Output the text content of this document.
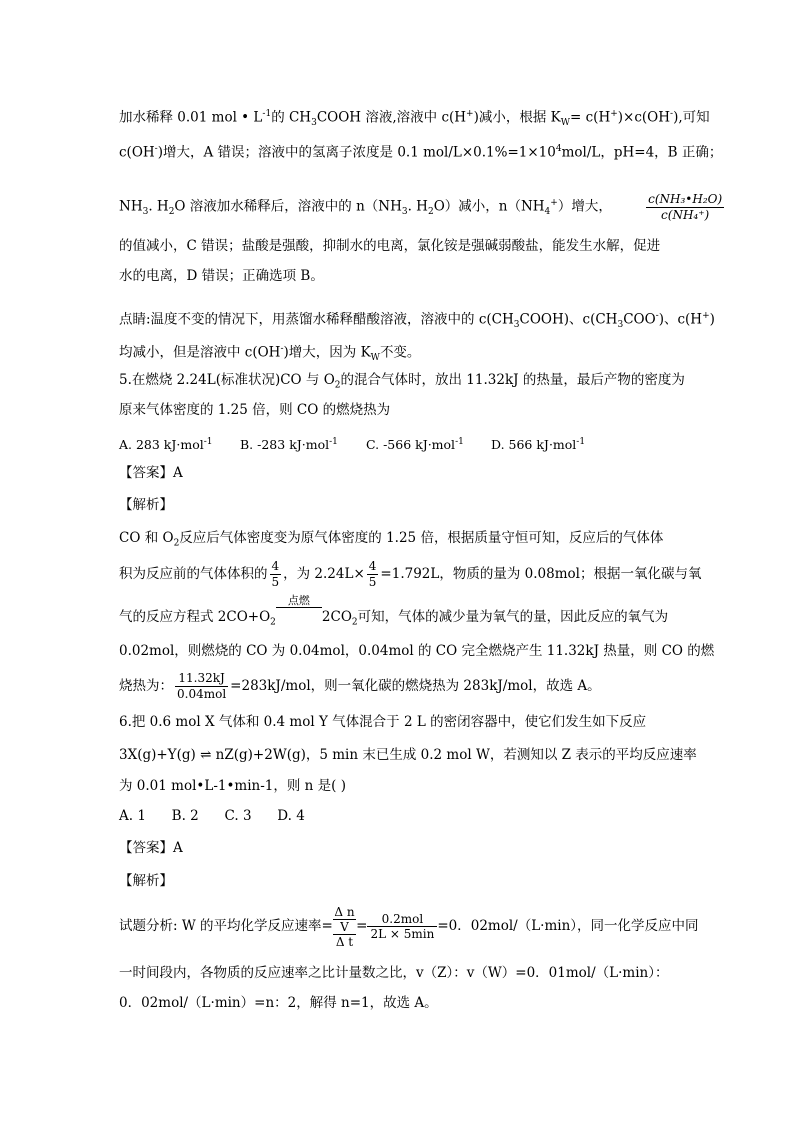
加水稀释 0.01 mol • $L^{-1}$的 $CH_3COOH$ 溶液,溶液中 c(H+)减小，根据 $K_W= c(H^+)\times c(OH^-)$,可知
c(OH-)增大，A 错误；溶液中的氢离子浓度是 0.1 mol/$L\times 0.1\%=1\times 10^4mol/L$，pH=4，B 正确；
$NH_3$. $H_2O$ 溶液加水稀释后，溶液中的 $n(NH_3$. $H_2O$）减小，$n(NH_4^+)$增大，	$\frac{\text{c(NH₃•H₂O)}}{\text{c(NH₄⁺)}}$
的值减小，C 错误；盐酸是强酸，抑制水的电离，氯化铵是强碱弱酸盐，能发生水解，促进
水的电离，D 错误；正确选项 B。
点睛:温度不变的情况下，用蒸馏水稀释醋酸溶液，溶液中的 $c(CH_3COOH)$、$c(CH_3COO^-)$、c(H+)
均减小，但是溶液中 c(OH-)增大，因为 $K_W$不变。
5.在燃烧 2.24L(标准状况)CO 与 $O_2$的混合气体时，放出 11.32kJ 的热量，最后产物的密度为
原来气体密度的 1.25 倍，则 CO 的燃烧热为
A. 283 kJ·mol$^{-1}$ B. -283 kJ·mol$^{-1}$ C. -566 kJ·mol$^{-1}$ D. 566 kJ·mol$^{-1}$
【答案】A
【解析】
CO 和 $O_2$反应后气体密度变为原气体密度的 1.25 倍，根据质量守恒可知，反应后的气体体
积为反应前的气体体积的 $\frac{4}{5}$ ，为 $2.24L\times \frac{4}{5} =1.792L$，物质的量为 0.08mol；根据一氧化碳与氧
气的反应方程式 $2CO+O_2$
点燃
$2CO_2$可知，气体的减少量为氧气的量，因此反应的氧气为
0.02mol，则燃烧的 CO 为 0.04mol，0.04mol 的 CO 完全燃烧产生 11.32kJ 热量，则 CO 的燃
烧热为： $\frac{11.32kJ}{\text{0.04mol}} =283kJ/mol$，则一氧化碳的燃烧热为 283kJ/mol，故选 A。
6.把 0.6 mol X 气体和 0.4 mol Y 气体混合于 2 L 的密闭容器中，使它们发生如下反应
3X(g)+Y(g) ⇌ nZ(g)+2W(g)，5 min 末已生成 0.2 mol W，若测知以 Z 表示的平均反应速率
为 0.01 mol•L-1•min-1，则 n 是( )
A. 1      B. 2      C. 3      D. 4
【答案】A
【解析】
试题分析: W 的平均化学反应速率=
Δ n
V
Δ t
= $\frac{\text{0.2mol}}{2L \times 5\min} =0$．02mol/（L·min），同一化学反应中同
一时间段内，各物质的反应速率之比计量数之比，v（Z）：v（W）=0．01mol/（L·min）：
0．02mol/（L·min）=n：2，解得 n=1，故选 A。
